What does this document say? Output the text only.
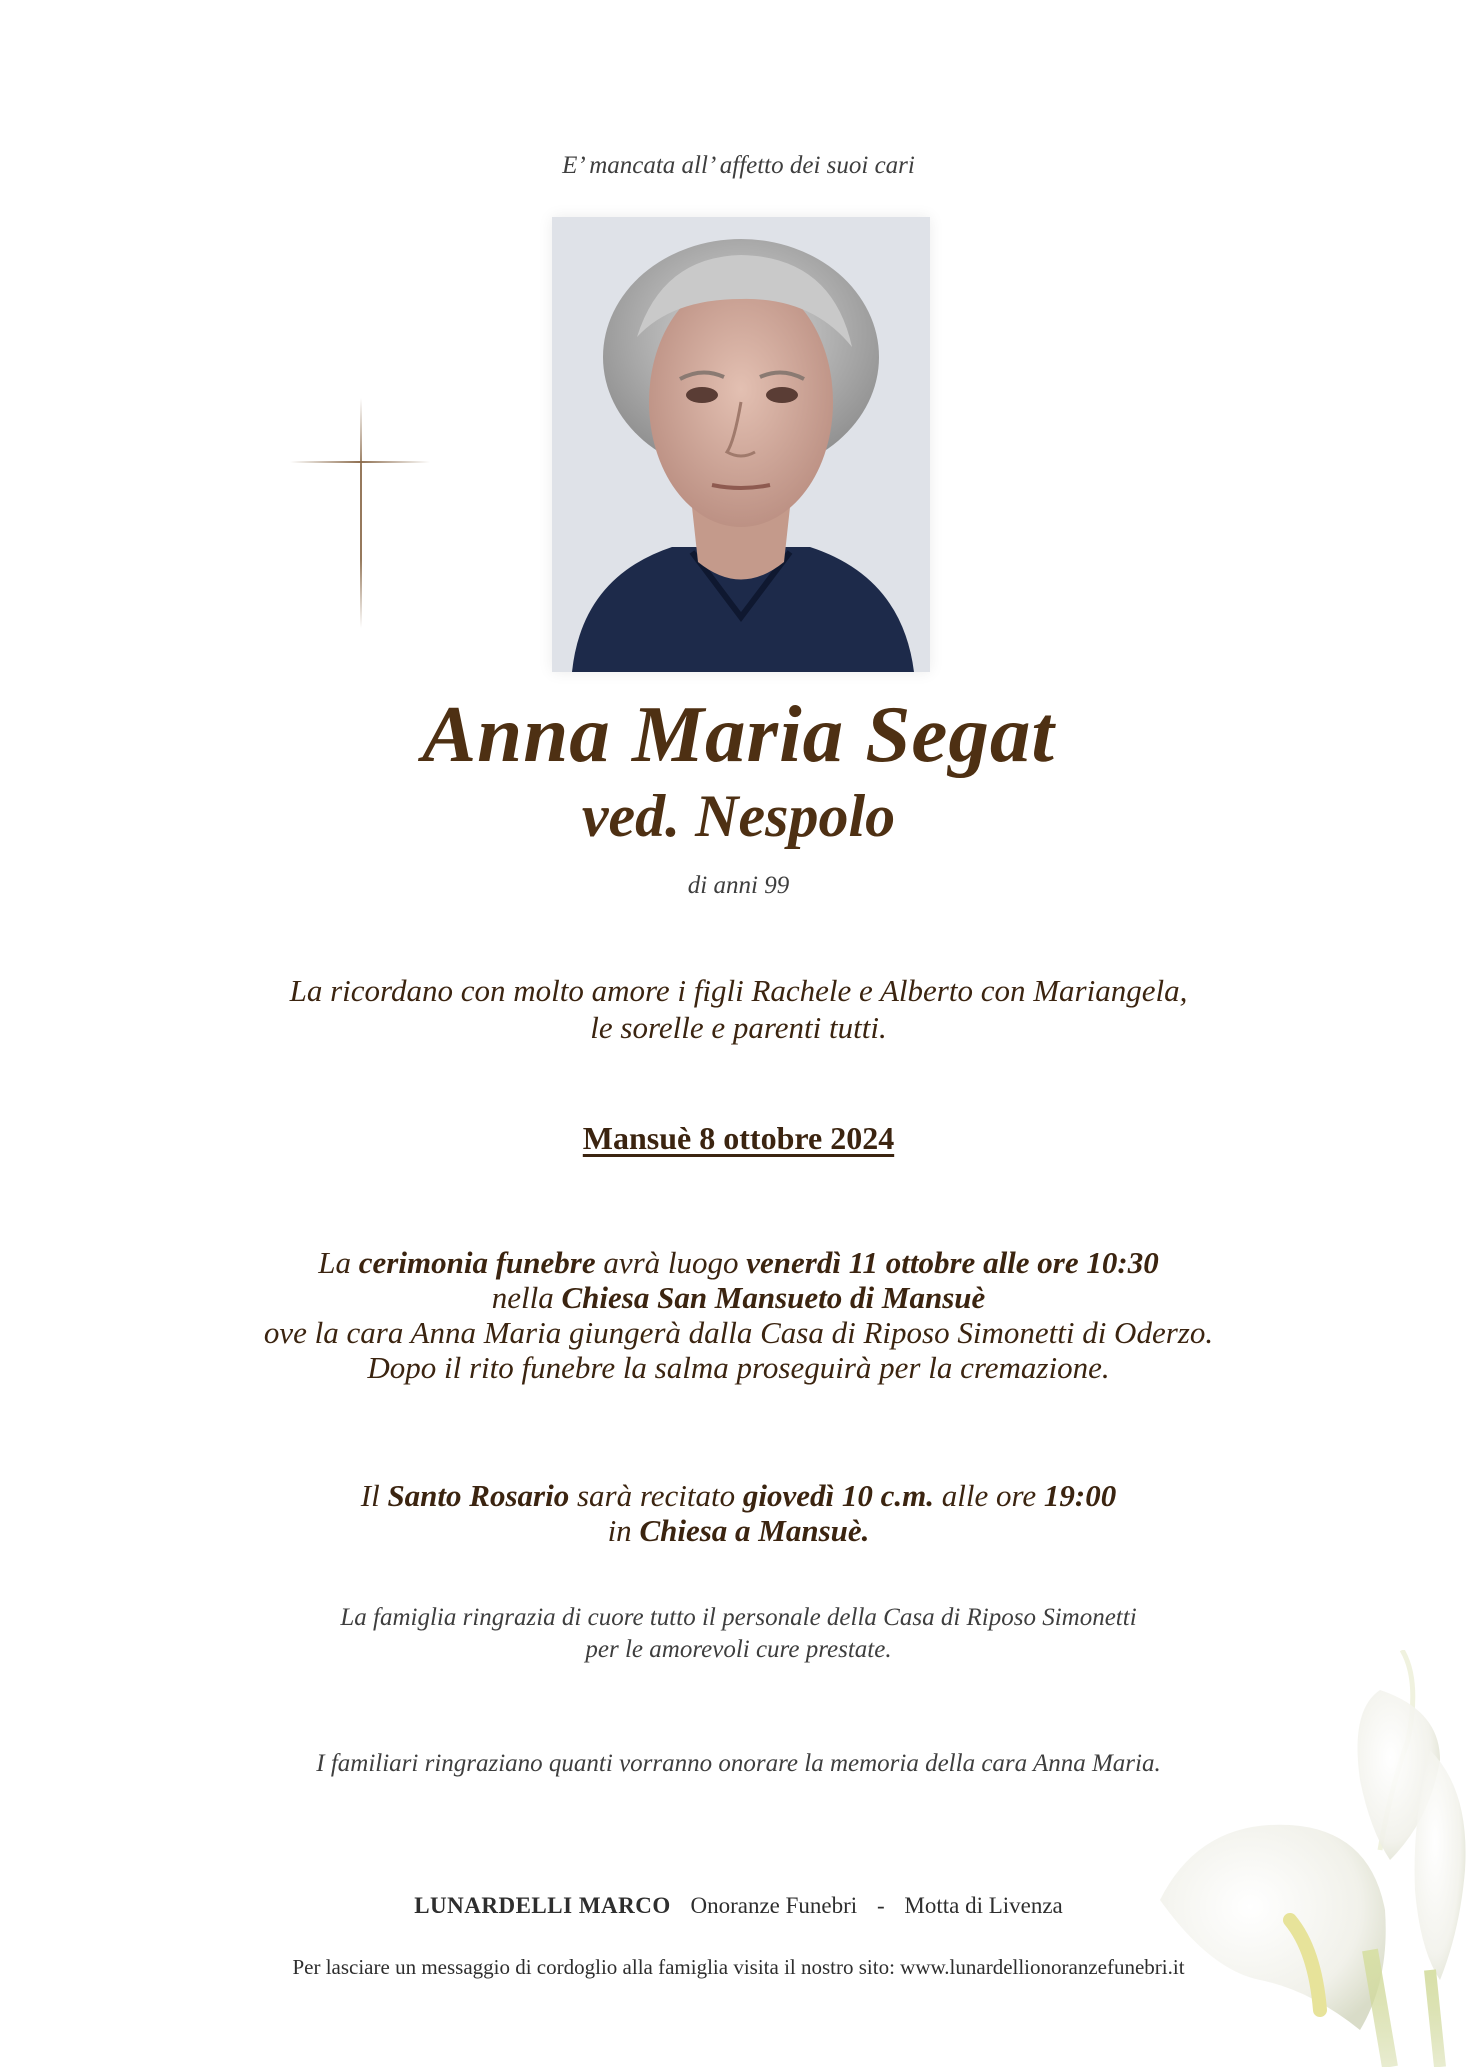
E’ mancata all’ affetto dei suoi cari
Anna Maria Segat
ved. Nespolo
di anni 99
La ricordano con molto amore i figli Rachele e Alberto con Mariangela,
le sorelle e parenti tutti.
Mansuè 8 ottobre 2024
La cerimonia funebre avrà luogo venerdì 11 ottobre alle ore 10:30
nella Chiesa San Mansueto di Mansuè
ove la cara Anna Maria giungerà dalla Casa di Riposo Simonetti di Oderzo.
Dopo il rito funebre la salma proseguirà per la cremazione.
Il Santo Rosario sarà recitato giovedì 10 c.m. alle ore 19:00
in Chiesa a Mansuè.
La famiglia ringrazia di cuore tutto il personale della Casa di Riposo Simonetti
per le amorevoli cure prestate.
I familiari ringraziano quanti vorranno onorare la memoria della cara Anna Maria.
LUNARDELLI MARCO Onoranze Funebri - Motta di Livenza
Per lasciare un messaggio di cordoglio alla famiglia visita il nostro sito: www.lunardellionoranzefunebri.it
